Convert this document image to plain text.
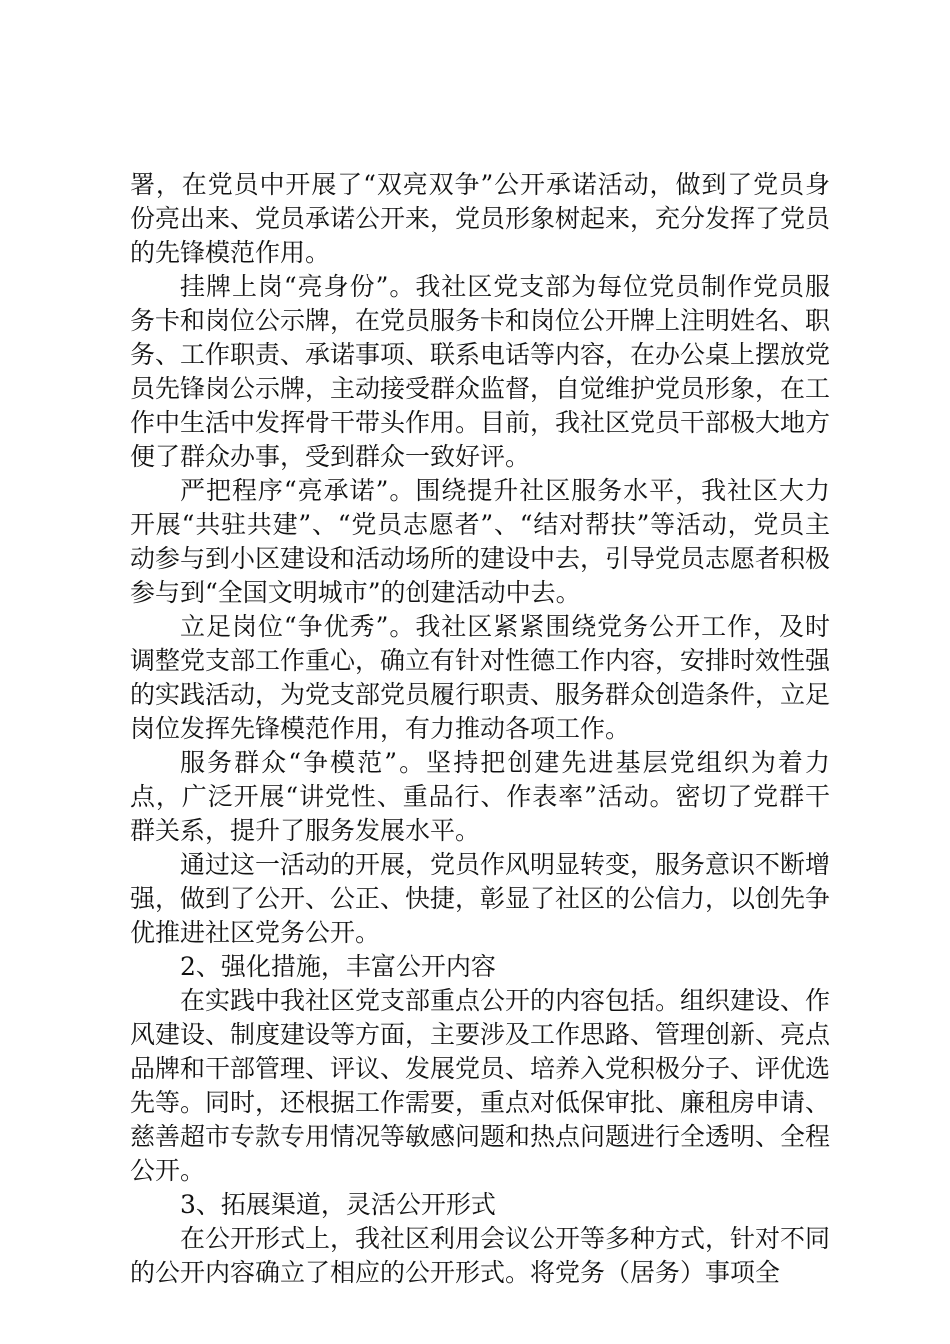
署，在党员中开展了“双亮双争”公开承诺活动，做到了党员身份亮出来、党员承诺公开来，党员形象树起来，充分发挥了党员的先锋模范作用。

挂牌上岗“亮身份”。我社区党支部为每位党员制作党员服务卡和岗位公示牌，在党员服务卡和岗位公开牌上注明姓名、职务、工作职责、承诺事项、联系电话等内容，在办公桌上摆放党员先锋岗公示牌，主动接受群众监督，自觉维护党员形象，在工作中生活中发挥骨干带头作用。目前，我社区党员干部极大地方便了群众办事，受到群众一致好评。

严把程序“亮承诺”。围绕提升社区服务水平，我社区大力开展“共驻共建”、“党员志愿者”、“结对帮扶”等活动，党员主动参与到小区建设和活动场所的建设中去，引导党员志愿者积极参与到“全国文明城市”的创建活动中去。

立足岗位“争优秀”。我社区紧紧围绕党务公开工作，及时调整党支部工作重心，确立有针对性德工作内容，安排时效性强的实践活动，为党支部党员履行职责、服务群众创造条件，立足岗位发挥先锋模范作用，有力推动各项工作。

服务群众“争模范”。坚持把创建先进基层党组织为着力点，广泛开展“讲党性、重品行、作表率”活动。密切了党群干群关系，提升了服务发展水平。

通过这一活动的开展，党员作风明显转变，服务意识不断增强，做到了公开、公正、快捷，彰显了社区的公信力，以创先争优推进社区党务公开。

2、强化措施，丰富公开内容

在实践中我社区党支部重点公开的内容包括。组织建设、作风建设、制度建设等方面，主要涉及工作思路、管理创新、亮点品牌和干部管理、评议、发展党员、培养入党积极分子、评优选先等。同时，还根据工作需要，重点对低保审批、廉租房申请、慈善超市专款专用情况等敏感问题和热点问题进行全透明、全程公开。

3、拓展渠道，灵活公开形式

在公开形式上，我社区利用会议公开等多种方式，针对不同的公开内容确立了相应的公开形式。将党务（居务）事项全
